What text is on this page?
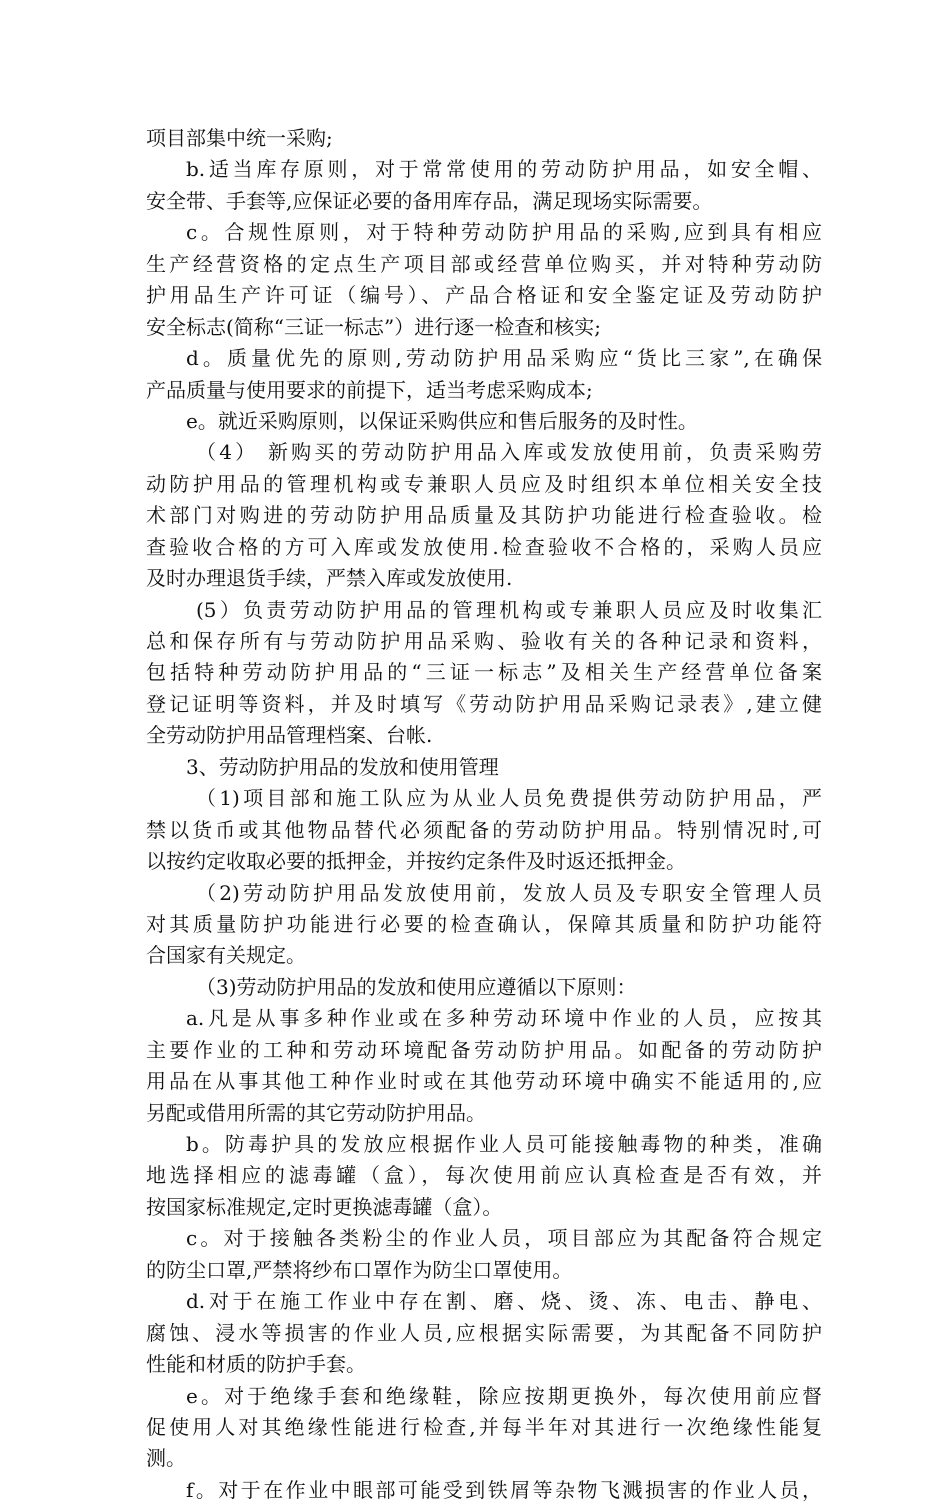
项目部集中统一采购;
b.适当库存原则，对于常常使用的劳动防护用品，如安全帽、
安全带、手套等,应保证必要的备用库存品，满足现场实际需要。
c。合规性原则，对于特种劳动防护用品的采购,应到具有相应
生产经营资格的定点生产项目部或经营单位购买，并对特种劳动防
护用品生产许可证（编号）、产品合格证和安全鉴定证及劳动防护
安全标志(简称“三证一标志”）进行逐一检查和核实;
d。质量优先的原则,劳动防护用品采购应“货比三家”,在确保
产品质量与使用要求的前提下，适当考虑采购成本;
e。就近采购原则，以保证采购供应和售后服务的及时性。
（4） 新购买的劳动防护用品入库或发放使用前，负责采购劳
动防护用品的管理机构或专兼职人员应及时组织本单位相关安全技
术部门对购进的劳动防护用品质量及其防护功能进行检查验收。检
查验收合格的方可入库或发放使用.检查验收不合格的，采购人员应
及时办理退货手续，严禁入库或发放使用.
(5）负责劳动防护用品的管理机构或专兼职人员应及时收集汇
总和保存所有与劳动防护用品采购、验收有关的各种记录和资料，
包括特种劳动防护用品的“三证一标志”及相关生产经营单位备案
登记证明等资料，并及时填写《劳动防护用品采购记录表》,建立健
全劳动防护用品管理档案、台帐.
3、劳动防护用品的发放和使用管理
（1)项目部和施工队应为从业人员免费提供劳动防护用品，严
禁以货币或其他物品替代必须配备的劳动防护用品。特别情况时,可
以按约定收取必要的抵押金，并按约定条件及时返还抵押金。
（2)劳动防护用品发放使用前，发放人员及专职安全管理人员
对其质量防护功能进行必要的检查确认，保障其质量和防护功能符
合国家有关规定。
（3)劳动防护用品的发放和使用应遵循以下原则：
a.凡是从事多种作业或在多种劳动环境中作业的人员，应按其
主要作业的工种和劳动环境配备劳动防护用品。如配备的劳动防护
用品在从事其他工种作业时或在其他劳动环境中确实不能适用的,应
另配或借用所需的其它劳动防护用品。
b。防毒护具的发放应根据作业人员可能接触毒物的种类，准确
地选择相应的滤毒罐（盒），每次使用前应认真检查是否有效，并
按国家标准规定,定时更换滤毒罐（盒）。
c。对于接触各类粉尘的作业人员，项目部应为其配备符合规定
的防尘口罩,严禁将纱布口罩作为防尘口罩使用。
d.对于在施工作业中存在割、磨、烧、烫、冻、电击、静电、
腐蚀、浸水等损害的作业人员,应根据实际需要，为其配备不同防护
性能和材质的防护手套。
e。对于绝缘手套和绝缘鞋，除应按期更换外，每次使用前应督
促使用人对其绝缘性能进行检查,并每半年对其进行一次绝缘性能复
测。
f。对于在作业中眼部可能受到铁屑等杂物飞溅损害的作业人员，
